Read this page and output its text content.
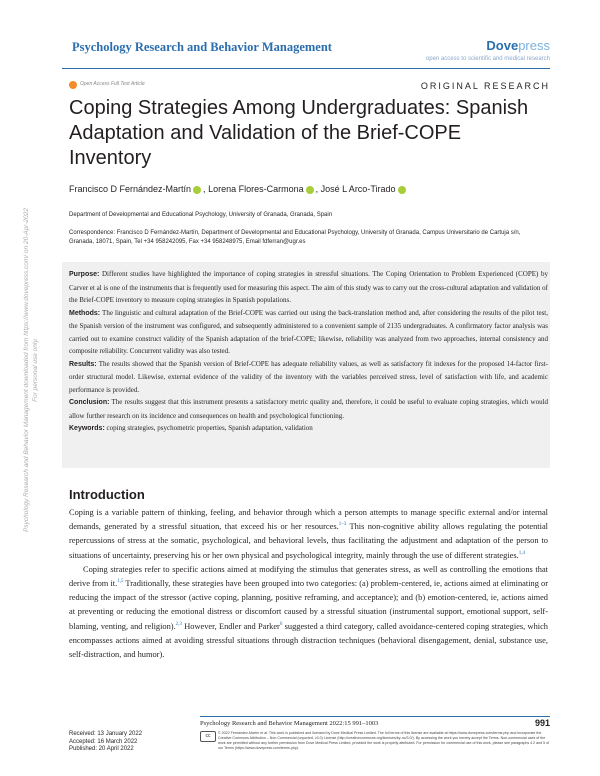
Psychology Research and Behavior Management	Dovepress
open access to scientific and medical research
Open Access Full Text Article	ORIGINAL RESEARCH
Coping Strategies Among Undergraduates: Spanish Adaptation and Validation of the Brief-COPE Inventory
Francisco D Fernández-Martín , Lorena Flores-Carmona , José L Arco-Tirado
Department of Developmental and Educational Psychology, University of Granada, Granada, Spain
Correspondence: Francisco D Fernández-Martín, Department of Developmental and Educational Psychology, University of Granada, Campus Universitario de Cartuja s/n, Granada, 18071, Spain, Tel +34 958242095, Fax +34 958248975, Email fdferran@ugr.es

Purpose: Different studies have highlighted the importance of coping strategies in stressful situations. The Coping Orientation to Problem Experienced (COPE) by Carver et al is one of the instruments that is frequently used for measuring this aspect. The aim of this study was to carry out the cross-cultural adaptation and validation of the Brief-COPE inventory to measure coping strategies in Spanish populations.

Methods: The linguistic and cultural adaptation of the Brief-COPE was carried out using the back-translation method and, after considering the results of the pilot test, the Spanish version of the instrument was configured, and subsequently administered to a convenient sample of 2135 undergraduates. A confirmatory factor analysis was carried out to examine construct validity of the Spanish adaptation of the brief-COPE; likewise, reliability was analyzed from two approaches, internal consistency and composite reliability. Concurrent validity was also tested.

Results: The results showed that the Spanish version of Brief-COPE has adequate reliability values, as well as satisfactory fit indexes for the proposed 14-factor first-order structural model. Likewise, external evidence of the validity of the inventory with the variables perceived stress, level of satisfaction with life, and academic performance is provided.

Conclusion: The results suggest that this instrument presents a satisfactory metric quality and, therefore, it could be useful to evaluate coping strategies, which would allow further research on its incidence and consequences on health and psychological functioning.

Keywords: coping strategies, psychometric properties, Spanish adaptation, validation

Introduction

Coping is a variable pattern of thinking, feeling, and behavior through which a person attempts to manage specific external and/or internal demands, generated by a stressful situation, that exceed his or her resources.$^{1-3}$ This non-cognitive ability allows regulating the potential repercussions of stress at the somatic, psychological, and behavioral levels, thus facilitating the adjustment and adaptation of the person to situations of uncertainty, preserving his or her own physical and psychological integrity, mainly through the use of different strategies.$^{1,4}$

Coping strategies refer to specific actions aimed at modifying the stimulus that generates stress, as well as controlling the emotions that derive from it.$^{1,5}$ Traditionally, these strategies have been grouped into two categories: (a) problem-centered, ie, actions aimed at eliminating or reducing the impact of the stressor (active coping, planning, positive reframing, and acceptance); and (b) emotion-centered, ie, actions aimed at preventing or reducing the emotional distress or discomfort caused by a stressful situation (instrumental support, emotional support, self-blaming, venting, and religion).$^{2,3}$ However, Endler and Parker$^6$ suggested a third category, called avoidance-centered coping strategies, which encompasses actions aimed at avoiding stressful situations through distraction techniques (behavioral disengagement, denial, substance use, self-distraction, and humor).

Psychology Research and Behavior Management downloaded from https://www.dovepress.com/ on 20-Apr-2022 For personal use only.
Psychology Research and Behavior Management 2022:15 991–1003	991
Received: 13 January 2022
Accepted: 16 March 2022
Published: 20 April 2022
cc	© 2022 Fernández-Martín et al. This work is published and licensed by Dove Medical Press Limited. The full terms of this license are available at https://www.dovepress.com/terms.php and incorporate the Creative Commons Attribution – Non Commercial (unported, v3.0) License (http://creativecommons.org/licenses/by-nc/3.0/). By accessing the work you hereby accept the Terms. Non-commercial uses of the work are permitted without any further permission from Dove Medical Press Limited, provided the work is properly attributed. For permission for commercial use of this work, please see paragraphs 4.2 and 5 of our Terms (https://www.dovepress.com/terms.php).
